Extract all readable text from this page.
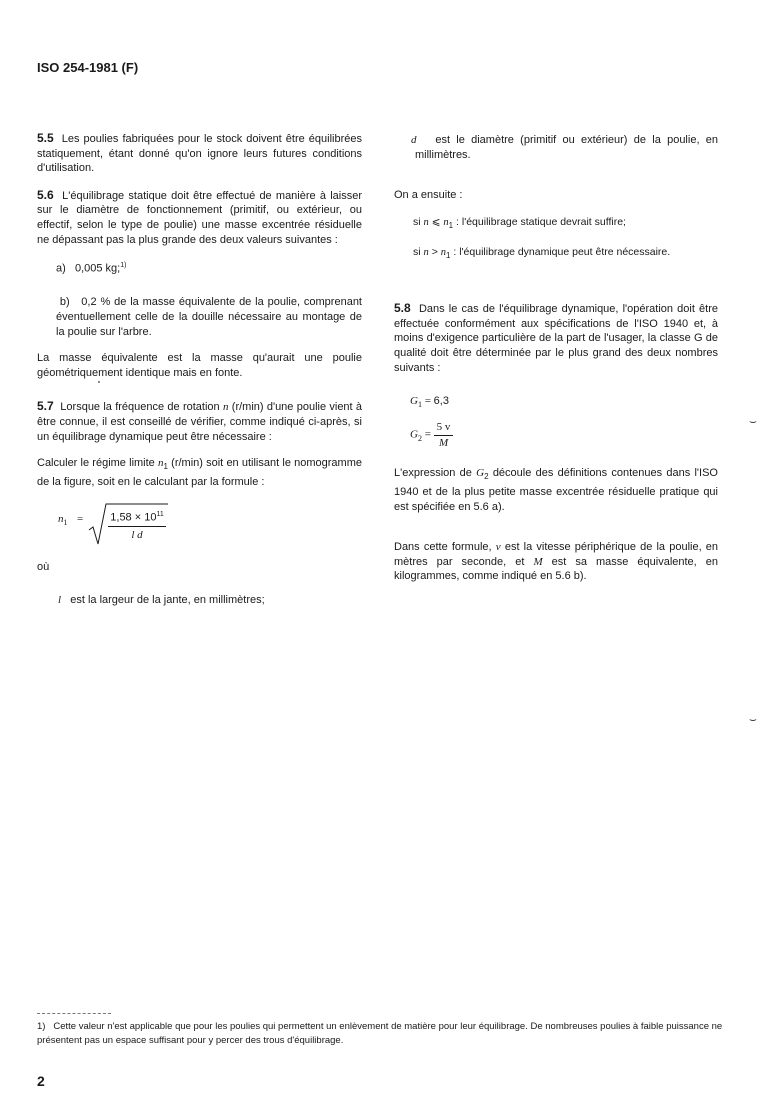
ISO 254-1981 (F)

5.5 Les poulies fabriquées pour le stock doivent être équilibrées statiquement, étant donné qu'on ignore leurs futures conditions d'utilisation.

5.6 L'équilibrage statique doit être effectué de manière à laisser sur le diamètre de fonctionnement (primitif, ou extérieur, ou effectif, selon le type de poulie) une masse excentrée résiduelle ne dépassant pas la plus grande des deux valeurs suivantes :

a) 0,005 kg;$^{1)}$

b) 0,2 % de la masse équivalente de la poulie, comprenant éventuellement celle de la douille nécessaire au montage de la poulie sur l'arbre.

La masse équivalente est la masse qu'aurait une poulie géométriquement identique mais en fonte.

5.7 Lorsque la fréquence de rotation n (r/min) d'une poulie vient à être connue, il est conseillé de vérifier, comme indiqué ci-après, si un équilibrage dynamique peut être nécessaire :

Calculer le régime limite $n_1$ (r/min) soit en utilisant le nomogramme de la figure, soit en le calculant par la formule :

$n_1 = \frac{1,58 \times 10^{11}}{\text{l d}}$

où

l est la largeur de la jante, en millimètres;

d est le diamètre (primitif ou extérieur) de la poulie, en millimètres.

On a ensuite :

si n ⩽ $n_1$ : l'équilibrage statique devrait suffire;

si $n > n_1$ : l'équilibrage dynamique peut être nécessaire.

5.8 Dans le cas de l'équilibrage dynamique, l'opération doit être effectuée conformément aux spécifications de l'ISO 1940 et, à moins d'exigence particulière de la part de l'usager, la classe G de qualité doit être déterminée par le plus grand des deux nombres suivants :

$G_1 = 6,3$
$G_2 = \frac{5 v}{M}$

L'expression de $G_2$ découle des définitions contenues dans l'ISO 1940 et de la plus petite masse excentrée résiduelle pratique qui est spécifiée en 5.6 a).

Dans cette formule, v est la vitesse périphérique de la poulie, en mètres par seconde, et M est sa masse équivalente, en kilogrammes, comme indiqué en 5.6 b).

⌣
⌣
1) Cette valeur n'est applicable que pour les poulies qui permettent un enlèvement de matière pour leur équilibrage. De nombreuses poulies à faible puissance ne présentent pas un espace suffisant pour y percer des trous d'équilibrage.
2
